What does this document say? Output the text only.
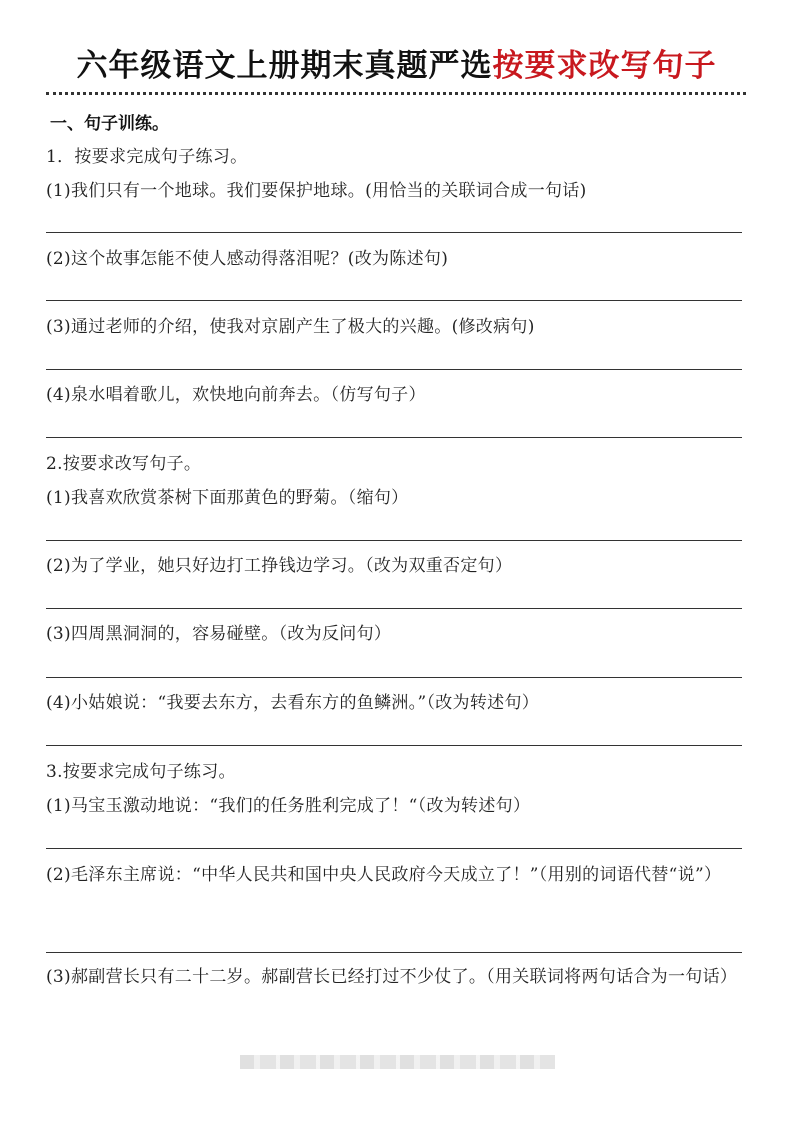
六年级语文上册期末真题严选按要求改写句子
一、句子训练。
1．按要求完成句子练习。
(1)我们只有一个地球。我们要保护地球。(用恰当的关联词合成一句话)
(2)这个故事怎能不使人感动得落泪呢？(改为陈述句)
(3)通过老师的介绍，使我对京剧产生了极大的兴趣。(修改病句)
(4)泉水唱着歌儿，欢快地向前奔去。（仿写句子）
2.按要求改写句子。
(1)我喜欢欣赏茶树下面那黄色的野菊。（缩句）
(2)为了学业，她只好边打工挣钱边学习。（改为双重否定句）
(3)四周黑洞洞的，容易碰壁。（改为反问句）
(4)小姑娘说：“我要去东方，去看东方的鱼鳞洲。”（改为转述句）
3.按要求完成句子练习。
(1)马宝玉激动地说：“我们的任务胜利完成了！“（改为转述句）
(2)毛泽东主席说：“中华人民共和国中央人民政府今天成立了！”（用别的词语代替“说”）
(3)郝副营长只有二十二岁。郝副营长已经打过不少仗了。（用关联词将两句话合为一句话）
